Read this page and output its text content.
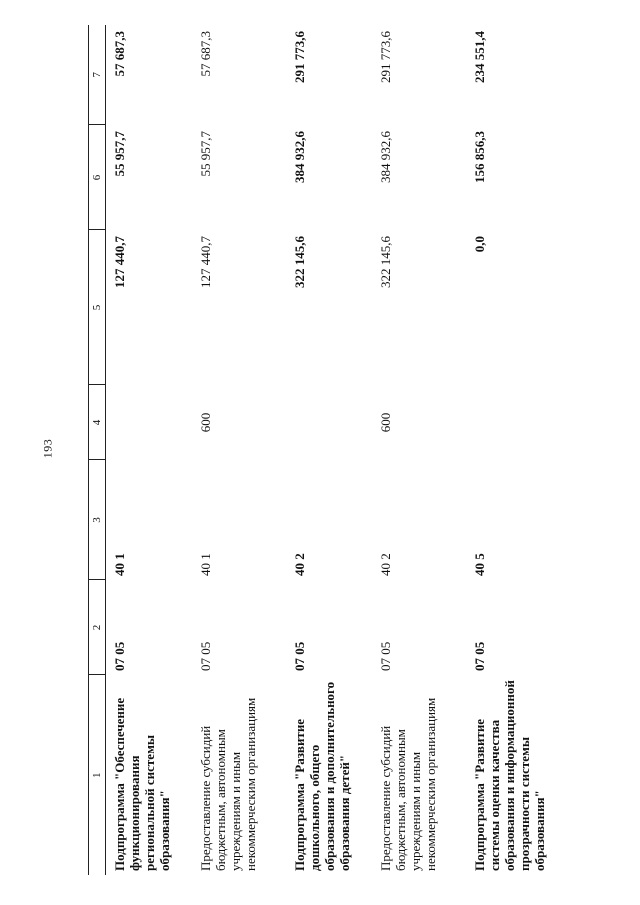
193
1	2	3	4	5	6	7
Подпрограмма "Обеспечение функционирования региональной системы образования"	07 05	40 1		127 440,7	55 957,7	57 687,3
Предоставление субсидий бюджетным, автономным учреждениям и иным некоммерческим организациям	07 05	40 1	600	127 440,7	55 957,7	57 687,3
Подпрограмма "Развитие дошкольного, общего образования и дополнительного образования детей"	07 05	40 2		322 145,6	384 932,6	291 773,6
Предоставление субсидий бюджетным, автономным учреждениям и иным некоммерческим организациям	07 05	40 2	600	322 145,6	384 932,6	291 773,6
Подпрограмма "Развитие системы оценки качества образования и информационной прозрачности системы образования"	07 05	40 5		0,0	156 856,3	234 551,4
